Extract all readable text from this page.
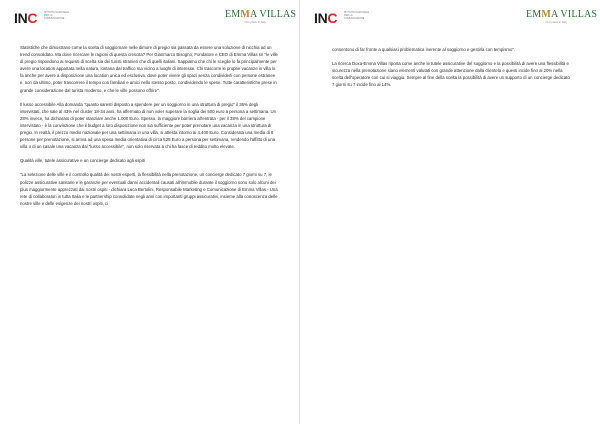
INC	ISTITUTO NAZIONALE PER LA COMUNICAZIONE	EMMA VILLAS
Your place in Italy

Statistiche che dimostrano come la scelta di soggiornare nelle dimore di pregio sia passata da essere una soluzione di nicchia ad un trend consolidato. Ma dove ricercare le ragioni di questa crescita? Per Gianmarco Bisogno, Fondatore e CEO di Emma Villas sri "le ville di pregio rispondono ai requisiti di scelta sia dei turisti stranieri che di quelli italiani. Sappiamo che chi le sceglie lo fa principalmente per avere una location appartata nella natura, lontana dal traffico ma vicino a luoghi di interesse. Chi trascorre le proprie vacanze in villa lo fa anche per avere a disposizione una location unica ed esclusiva, dove poter vivere gli spazi senza condividerli con persone estranee e, non da ultimo, poter trascorrere il tempo con familiari e amici nello stesso posto, condividendo le spese. Tutte caratteristiche prese in grande considerazione dal turista moderno, e che le ville possono offrire".

Il lusso accessibile Alla domanda "quanto saresti disposto a spendere per un soggiorno in una struttura di pregio" il 36% degli intervistati, che sale al 43% nel cluster 18-34 anni, ha affermato di non voler superare la soglia dei 500 euro a persona a settimana. Un 28% invece, ha dichiarato di poter stanziare anche 1.000 Euro. Spesso, la maggiore barriera all'entrata - per il 38% del campione intervistato - è la convinzione che il budget a loro disposizione non sia sufficiente per poter prenotare una vacanza in una struttura di pregio. In realtà, il prezzo medio nazionale per una settimana in una villa, si attesta intorno ai 4.400 Euro. Considerata una media di 8 persone per prenotazione, si arriva ad una spesa media orientativa di circa 525 Euro a persona per settimana, rendendo l'affitto di una villa o di un casale una vacanza dal "lusso accessibile", non solo riservata a chi ha fasce di reddito molto elevate.

Qualità ville, tutele assicurative e un concierge dedicato agli ospiti

"La selezione delle ville e il controllo qualità dei nostri esperti, la flessibilità nella prenotazione, un concierge dedicato 7 giorni su 7, le polizze assicurative sanitarie e le garanzie per eventuali danni accidentali causati all'immobile durante il soggiorno sono solo alcuni dei plus maggiormente apprezzati dai nostri ospiti - dichiara Luca Bertolini, Responsabile Marketing e Comunicazione di Emma Villas - Una rete di collaboratori in tutta Italia e le partnership consolidate negli anni con importanti gruppi assicurativi, insieme alla conoscenza delle nostre ville e delle esigenze dei nostri ospiti, ci

INC	ISTITUTO NAZIONALE PER LA COMUNICAZIONE	EMMA VILLAS
Your place in Italy

consentono di far fronte a qualsiasi problematica inerente al soggiorno e gestirla con tempismo".

La ricerca Doxa-Emma Villas riporta come anche le tutele assicurative del soggiorno e la possibilità di avere una flessibilità e sicurezza nella prenotazione siano elementi valutati con grande attenzione dalla clientela e questi incide fino al 20% nella scelta dell'operatore con cui si viaggia. Sempre al fine della scelta la possibilità di avere un supporto di un concierge dedicato 7 giorni su 7 incide fino al 14%.
